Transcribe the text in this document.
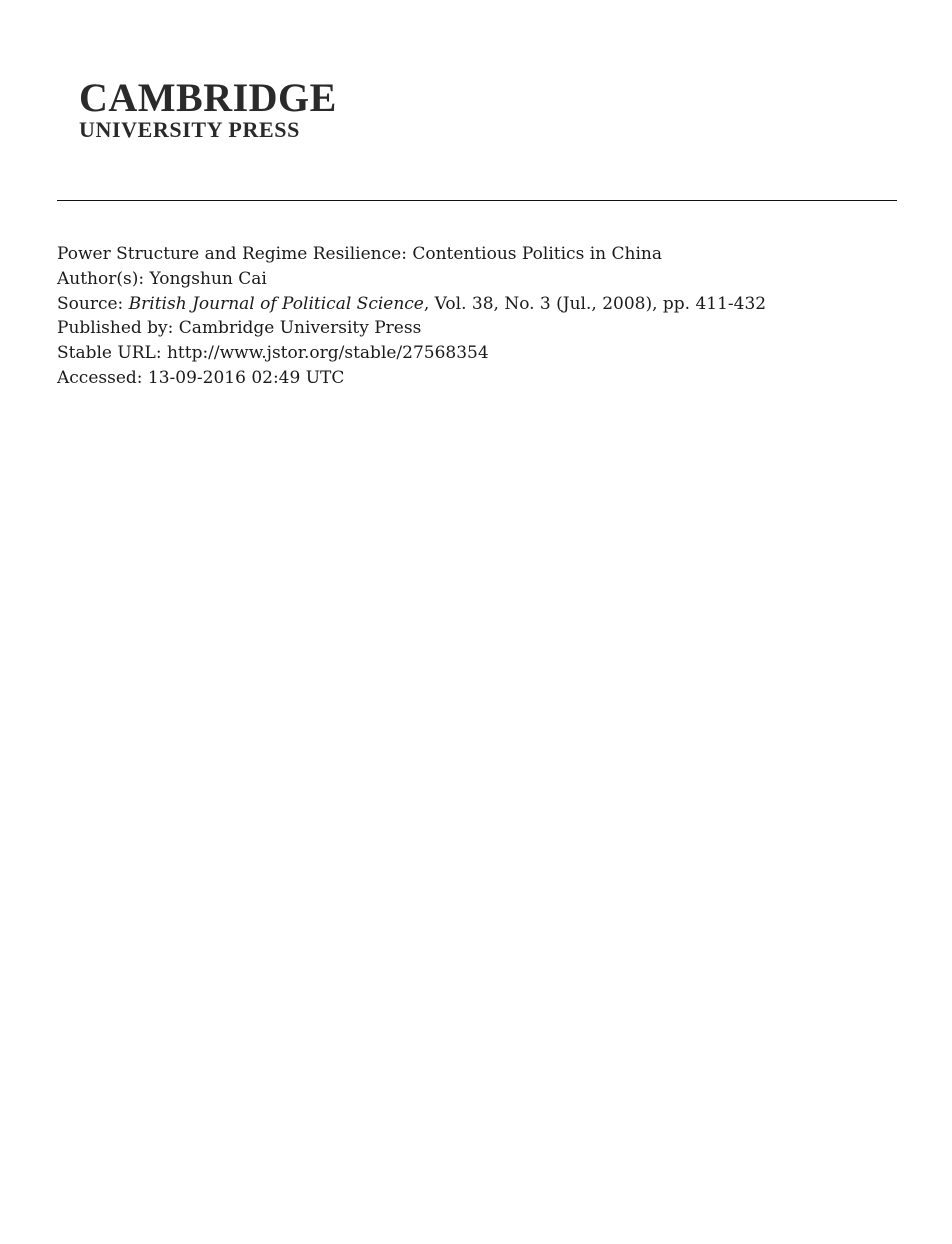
CAMBRIDGE
UNIVERSITY PRESS
Power Structure and Regime Resilience: Contentious Politics in China
Author(s): Yongshun Cai
Source: British Journal of Political Science, Vol. 38, No. 3 (Jul., 2008), pp. 411-432
Published by: Cambridge University Press
Stable URL: http://www.jstor.org/stable/27568354
Accessed: 13-09-2016 02:49 UTC
